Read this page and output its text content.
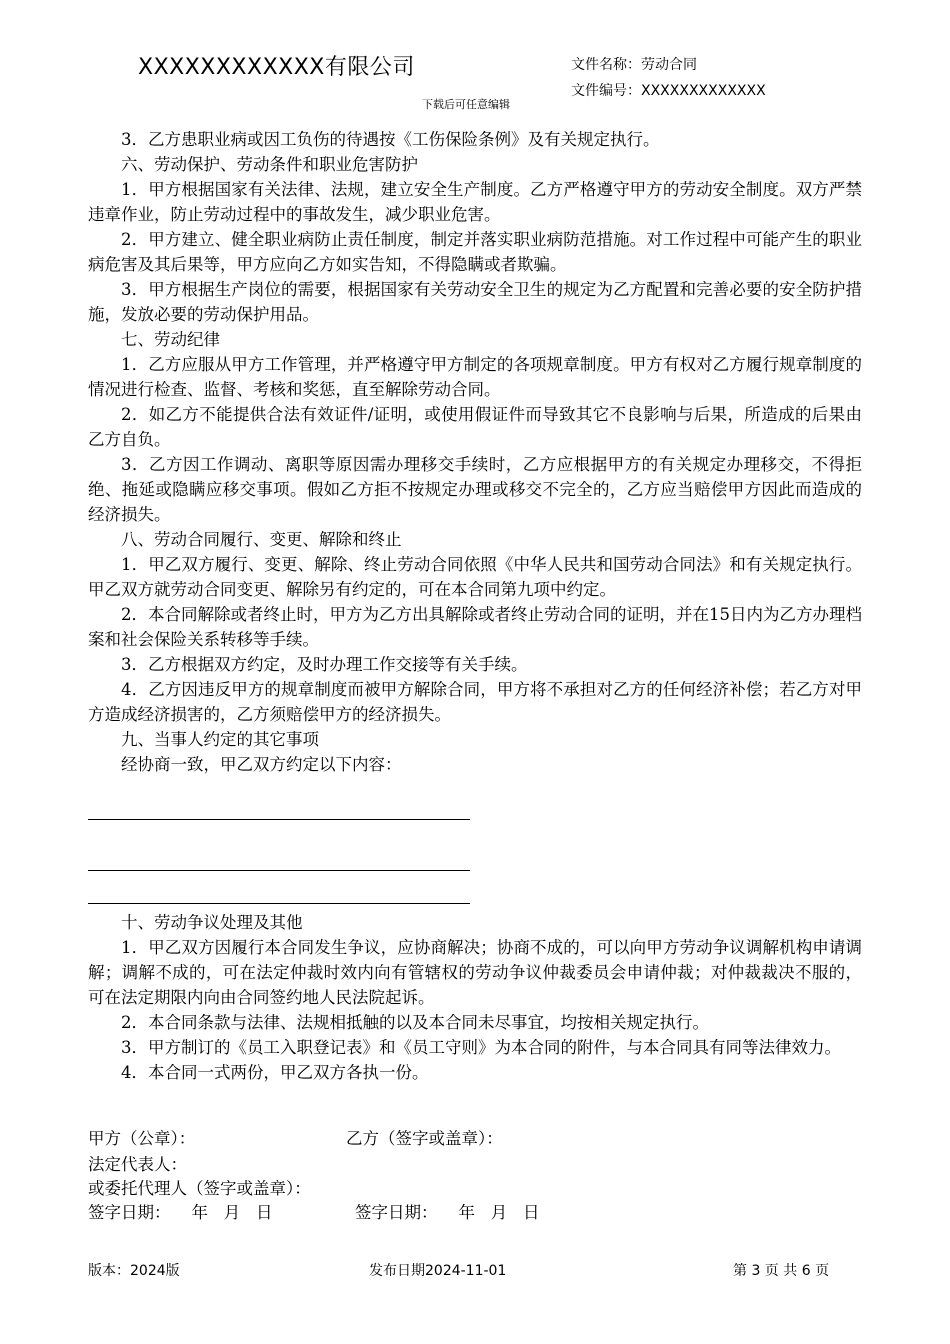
XXXXXXXXXXXX有限公司	文件名称：劳动合同
文件编号：XXXXXXXXXXXXX
下载后可任意编辑

3．乙方患职业病或因工负伤的待遇按《工伤保险条例》及有关规定执行。

六、劳动保护、劳动条件和职业危害防护

1．甲方根据国家有关法律、法规，建立安全生产制度。乙方严格遵守甲方的劳动安全制度。双方严禁违章作业，防止劳动过程中的事故发生，减少职业危害。

2．甲方建立、健全职业病防止责任制度，制定并落实职业病防范措施。对工作过程中可能产生的职业病危害及其后果等，甲方应向乙方如实告知，不得隐瞒或者欺骗。

3．甲方根据生产岗位的需要，根据国家有关劳动安全卫生的规定为乙方配置和完善必要的安全防护措施，发放必要的劳动保护用品。

七、劳动纪律

1．乙方应服从甲方工作管理，并严格遵守甲方制定的各项规章制度。甲方有权对乙方履行规章制度的情况进行检查、监督、考核和奖惩，直至解除劳动合同。

2．如乙方不能提供合法有效证件/证明，或使用假证件而导致其它不良影响与后果，所造成的后果由乙方自负。

3．乙方因工作调动、离职等原因需办理移交手续时，乙方应根据甲方的有关规定办理移交，不得拒绝、拖延或隐瞒应移交事项。假如乙方拒不按规定办理或移交不完全的，乙方应当赔偿甲方因此而造成的经济损失。

八、劳动合同履行、变更、解除和终止

1．甲乙双方履行、变更、解除、终止劳动合同依照《中华人民共和国劳动合同法》和有关规定执行。甲乙双方就劳动合同变更、解除另有约定的，可在本合同第九项中约定。

2．本合同解除或者终止时，甲方为乙方出具解除或者终止劳动合同的证明，并在15日内为乙方办理档案和社会保险关系转移等手续。

3．乙方根据双方约定，及时办理工作交接等有关手续。

4．乙方因违反甲方的规章制度而被甲方解除合同，甲方将不承担对乙方的任何经济补偿；若乙方对甲方造成经济损害的，乙方须赔偿甲方的经济损失。

九、当事人约定的其它事项

经协商一致，甲乙双方约定以下内容：

十、劳动争议处理及其他

1．甲乙双方因履行本合同发生争议，应协商解决；协商不成的，可以向甲方劳动争议调解机构申请调解；调解不成的，可在法定仲裁时效内向有管辖权的劳动争议仲裁委员会申请仲裁；对仲裁裁决不服的，可在法定期限内向由合同签约地人民法院起诉。

2．本合同条款与法律、法规相抵触的以及本合同未尽事宜，均按相关规定执行。

3．甲方制订的《员工入职登记表》和《员工守则》为本合同的附件，与本合同具有同等法律效力。

4．本合同一式两份，甲乙双方各执一份。

甲方（公章）：	乙方（签字或盖章）：
法定代表人：
或委托代理人（签字或盖章）：
签字日期：    年   月   日	签字日期：    年   月   日
版本：2024版	发布日期2024-11-01	第 3 页 共 6 页
